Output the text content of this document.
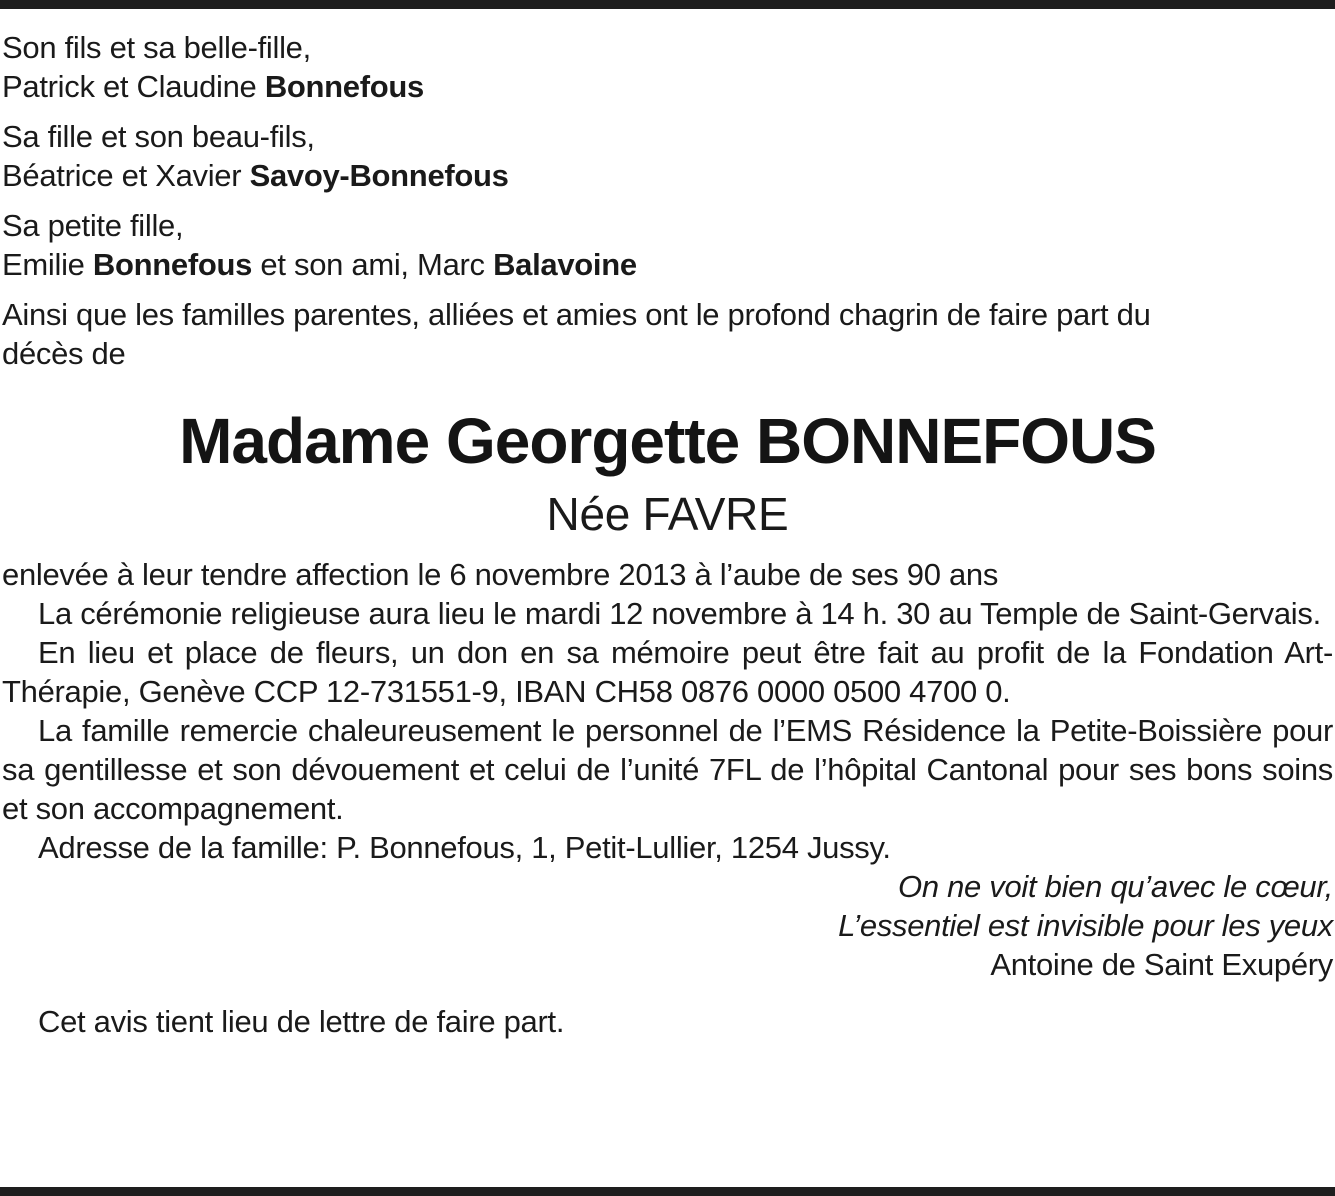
Son fils et sa belle-fille,
Patrick et Claudine Bonnefous
Sa fille et son beau-fils,
Béatrice et Xavier Savoy-Bonnefous
Sa petite fille,
Emilie Bonnefous et son ami, Marc Balavoine
Ainsi que les familles parentes, alliées et amies ont le profond chagrin de faire part du
décès de
Madame Georgette BONNEFOUS
Née FAVRE
enlevée à leur tendre affection le 6 novembre 2013 à l’aube de ses 90 ans
La cérémonie religieuse aura lieu le mardi 12 novembre à 14 h. 30 au Temple de Saint-Gervais.
En lieu et place de fleurs, un don en sa mémoire peut être fait au profit de la Fondation Art-Thérapie, Genève CCP 12-731551-9, IBAN CH58 0876 0000 0500 4700 0.
La famille remercie chaleureusement le personnel de l’EMS Résidence la Petite-Boissière pour sa gentillesse et son dévouement et celui de l’unité 7FL de l’hôpital Cantonal pour ses bons soins et son accompagnement.
Adresse de la famille: P. Bonnefous, 1, Petit-Lullier, 1254 Jussy.
On ne voit bien qu’avec le cœur,
L’essentiel est invisible pour les yeux
Antoine de Saint Exupéry
Cet avis tient lieu de lettre de faire part.
